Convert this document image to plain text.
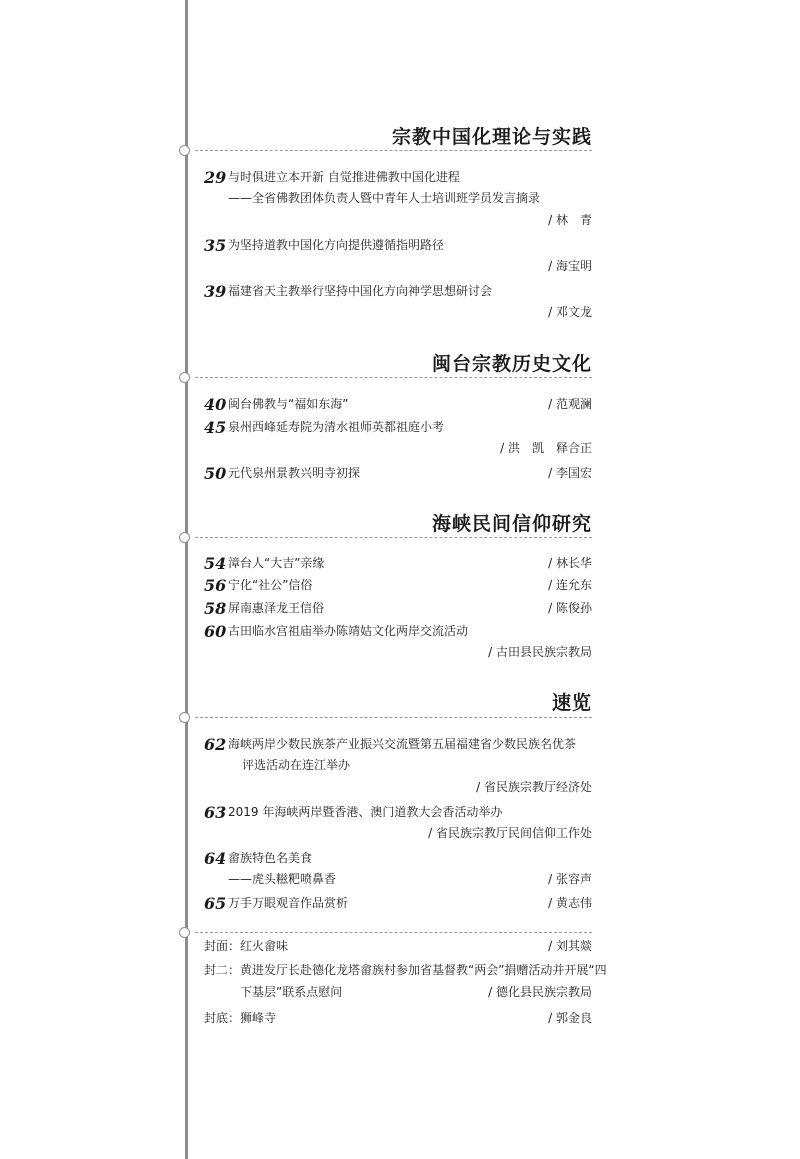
宗教中国化理论与实践
29 与时俱进立本开新 自觉推进佛教中国化进程
——全省佛教团体负责人暨中青年人士培训班学员发言摘录
/ 林　青
35 为坚持道教中国化方向提供遵循指明路径
/ 海宝明
39 福建省天主教举行坚持中国化方向神学思想研讨会
/ 邓文龙
闽台宗教历史文化
40 闽台佛教与“福如东海”	/ 范观澜
45 泉州西峰延寿院为清水祖师英都祖庭小考
/ 洪　凯　释合正
50 元代泉州景教兴明寺初探	/ 李国宏
海峡民间信仰研究
54 漳台人“大吉”亲缘	/ 林长华
56 宁化“社公”信俗	/ 连允东
58 屏南惠泽龙王信俗	/ 陈俊孙
60 古田临水宫祖庙举办陈靖姑文化两岸交流活动
/ 古田县民族宗教局
速览
62 海峡两岸少数民族茶产业振兴交流暨第五届福建省少数民族名优茶
评选活动在连江举办
/ 省民族宗教厅经济处
63 2019 年海峡两岸暨香港、澳门道教大会香活动举办
/ 省民族宗教厅民间信仰工作处
64 畲族特色名美食
——虎头糍粑喷鼻香	/ 张容声
65 万手万眼观音作品赏析	/ 黄志伟
封面：红火畲味	/ 刘其燚
封二：黄进发厅长赴德化龙塔畲族村参加省基督教“两会”捐赠活动并开展“四
下基层”联系点慰问	/ 德化县民族宗教局
封底：狮峰寺	/ 郭金良
